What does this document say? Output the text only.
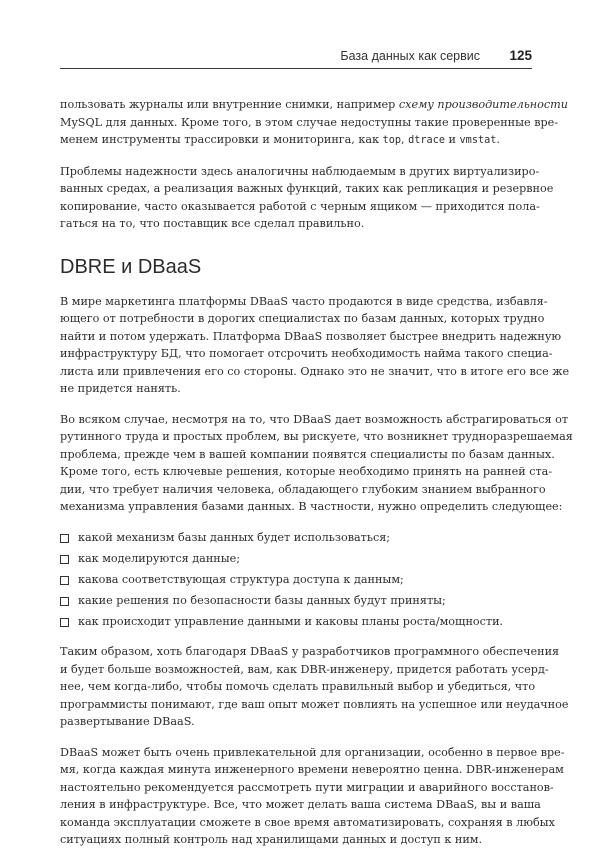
База данных как сервис 125
пользовать журналы или внутренние снимки, например схему производительности
MySQL для данных. Кроме того, в этом случае недоступны такие проверенные вре-
менем инструменты трассировки и мониторинга, как top, dtrace и vmstat.
Проблемы надежности здесь аналогичны наблюдаемым в других виртуализиро-
ванных средах, а реализация важных функций, таких как репликация и резервное
копирование, часто оказывается работой с черным ящиком — приходится пола-
гаться на то, что поставщик все сделал правильно.
DBRE и DBaaS
В мире маркетинга платформы DBaaS часто продаются в виде средства, избавля-
ющего от потребности в дорогих специалистах по базам данных, которых трудно
найти и потом удержать. Платформа DBaaS позволяет быстрее внедрить надежную
инфраструктуру БД, что помогает отсрочить необходимость найма такого специа-
листа или привлечения его со стороны. Однако это не значит, что в итоге его все же
не придется нанять.
Во всяком случае, несмотря на то, что DBaaS дает возможность абстрагироваться от
рутинного труда и простых проблем, вы рискуете, что возникнет трудноразрешаемая
проблема, прежде чем в вашей компании появятся специалисты по базам данных.
Кроме того, есть ключевые решения, которые необходимо принять на ранней ста-
дии, что требует наличия человека, обладающего глубоким знанием выбранного
механизма управления базами данных. В частности, нужно определить следующее:
какой механизм базы данных будет использоваться;
как моделируются данные;
какова соответствующая структура доступа к данным;
какие решения по безопасности базы данных будут приняты;
как происходит управление данными и каковы планы роста/мощности.
Таким образом, хоть благодаря DBaaS у разработчиков программного обеспечения
и будет больше возможностей, вам, как DBR-инженеру, придется работать усерд-
нее, чем когда-либо, чтобы помочь сделать правильный выбор и убедиться, что
программисты понимают, где ваш опыт может повлиять на успешное или неудачное
развертывание DBaaS.
DBaaS может быть очень привлекательной для организации, особенно в первое вре-
мя, когда каждая минута инженерного времени невероятно ценна. DBR-инженерам
настоятельно рекомендуется рассмотреть пути миграции и аварийного восстанов-
ления в инфраструктуре. Все, что может делать ваша система DBaaS, вы и ваша
команда эксплуатации сможете в свое время автоматизировать, сохраняя в любых
ситуациях полный контроль над хранилищами данных и доступ к ним.
